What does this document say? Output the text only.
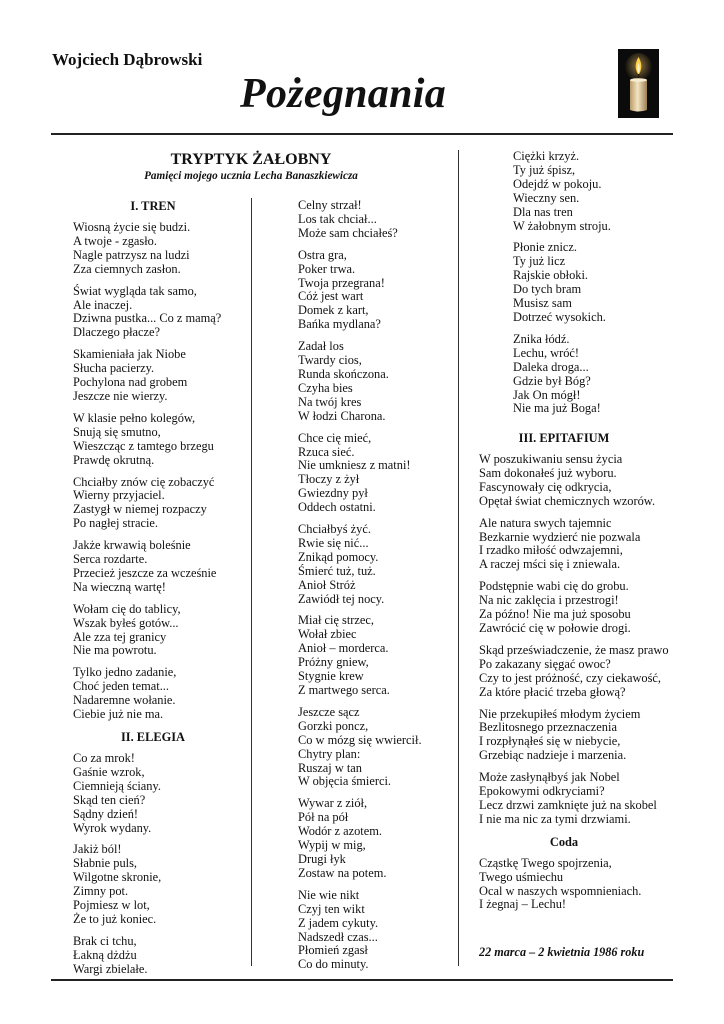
Wojciech Dąbrowski
Pożegnania
TRYPTYK ŻAŁOBNY
Pamięci mojego ucznia Lecha Banaszkiewicza
I. TREN
Wiosną życie się budzi.
A twoje - zgasło.
Nagle patrzysz na ludzi
Zza ciemnych zasłon.
Świat wygląda tak samo,
Ale inaczej.
Dziwna pustka... Co z mamą?
Dlaczego płacze?
Skamieniała jak Niobe
Słucha pacierzy.
Pochylona nad grobem
Jeszcze nie wierzy.
W klasie pełno kolegów,
Snują się smutno,
Wieszcząc z tamtego brzegu
Prawdę okrutną.
Chciałby znów cię zobaczyć
Wierny przyjaciel.
Zastygł w niemej rozpaczy
Po nagłej stracie.
Jakże krwawią boleśnie
Serca rozdarte.
Przecież jeszcze za wcześnie
Na wieczną wartę!
Wołam cię do tablicy,
Wszak byłeś gotów...
Ale zza tej granicy
Nie ma powrotu.
Tylko jedno zadanie,
Choć jeden temat...
Nadaremne wołanie.
Ciebie już nie ma.
II. ELEGIA
Co za mrok!
Gaśnie wzrok,
Ciemnieją ściany.
Skąd ten cień?
Sądny dzień!
Wyrok wydany.
Jakiż ból!
Słabnie puls,
Wilgotne skronie,
Zimny pot.
Pojmiesz w lot,
Że to już koniec.
Brak ci tchu,
Łakną dżdżu
Wargi zbielałe.
Celny strzał!
Los tak chciał...
Może sam chciałeś?
Ostra gra,
Poker trwa.
Twoja przegrana!
Cóż jest wart
Domek z kart,
Bańka mydlana?
Zadał los
Twardy cios,
Runda skończona.
Czyha bies
Na twój kres
W łodzi Charona.
Chce cię mieć,
Rzuca sieć.
Nie umkniesz z matni!
Tłoczy z żył
Gwiezdny pył
Oddech ostatni.
Chciałbyś żyć.
Rwie się nić...
Znikąd pomocy.
Śmierć tuż, tuż.
Anioł Stróż
Zawiódł tej nocy.
Miał cię strzec,
Wołał zbiec
Anioł – morderca.
Próżny gniew,
Stygnie krew
Z martwego serca.
Jeszcze sącz
Gorzki poncz,
Co w mózg się wwiercił.
Chytry plan:
Ruszaj w tan
W objęcia śmierci.
Wywar z ziół,
Pół na pół
Wodór z azotem.
Wypij w mig,
Drugi łyk
Zostaw na potem.
Nie wie nikt
Czyj ten wikt
Z jadem cykuty.
Nadszedł czas...
Płomień zgasł
Co do minuty.
Ciężki krzyż.
Ty już śpisz,
Odejdź w pokoju.
Wieczny sen.
Dla nas tren
W żałobnym stroju.
Płonie znicz.
Ty już licz
Rajskie obłoki.
Do tych bram
Musisz sam
Dotrzeć wysokich.
Znika łódź.
Lechu, wróć!
Daleka droga...
Gdzie był Bóg?
Jak On mógł!
Nie ma już Boga!
III. EPITAFIUM
W poszukiwaniu sensu życia
Sam dokonałeś już wyboru.
Fascynowały cię odkrycia,
Opętał świat chemicznych wzorów.
Ale natura swych tajemnic
Bezkarnie wydzierć nie pozwala
I rzadko miłość odwzajemni,
A raczej mści się i zniewala.
Podstępnie wabi cię do grobu.
Na nic zaklęcia i przestrogi!
Za późno! Nie ma już sposobu
Zawrócić cię w połowie drogi.
Skąd przeświadczenie, że masz prawo
Po zakazany sięgać owoc?
Czy to jest próżność, czy ciekawość,
Za które płacić trzeba głową?
Nie przekupiłeś młodym życiem
Bezlitosnego przeznaczenia
I rozpłynąłeś się w niebycie,
Grzebiąc nadzieje i marzenia.
Może zasłynąłbyś jak Nobel
Epokowymi odkryciami?
Lecz drzwi zamknięte już na skobel
I nie ma nic za tymi drzwiami.
Coda
Cząstkę Twego spojrzenia,
Twego uśmiechu
Ocal w naszych wspomnieniach.
I żegnaj – Lechu!
22 marca – 2 kwietnia 1986 roku
